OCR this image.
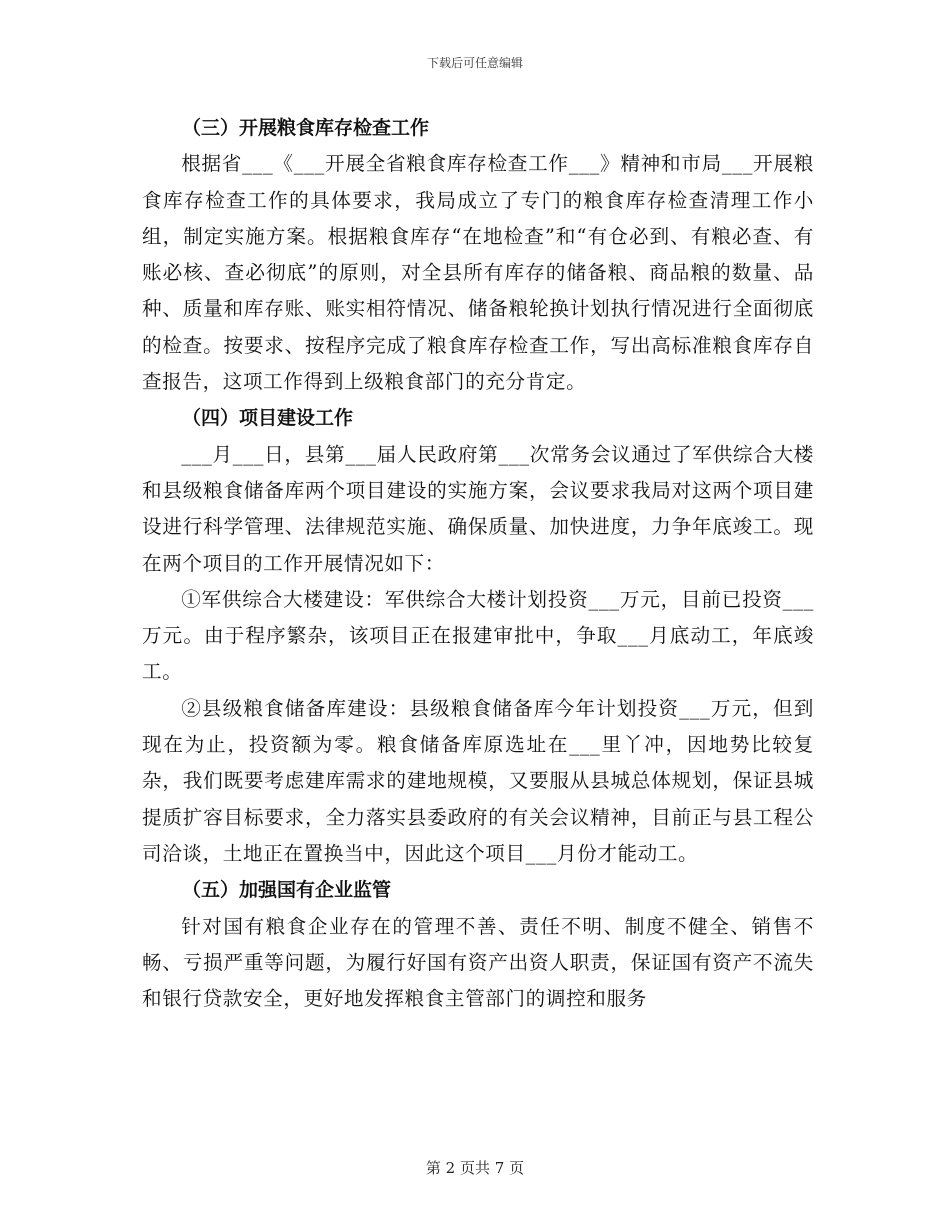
下载后可任意编辑
（三）开展粮食库存检查工作

根据省___《___开展全省粮食库存检查工作___》精神和市局___开展粮食库存检查工作的具体要求，我局成立了专门的粮食库存检查清理工作小组，制定实施方案。根据粮食库存“在地检查”和“有仓必到、有粮必查、有账必核、查必彻底”的原则，对全县所有库存的储备粮、商品粮的数量、品种、质量和库存账、账实相符情况、储备粮轮换计划执行情况进行全面彻底的检查。按要求、按程序完成了粮食库存检查工作，写出高标准粮食库存自查报告，这项工作得到上级粮食部门的充分肯定。

（四）项目建设工作

___月___日，县第___届人民政府第___次常务会议通过了军供综合大楼和县级粮食储备库两个项目建设的实施方案，会议要求我局对这两个项目建设进行科学管理、法律规范实施、确保质量、加快进度，力争年底竣工。现在两个项目的工作开展情况如下：

①军供综合大楼建设：军供综合大楼计划投资___万元，目前已投资___万元。由于程序繁杂，该项目正在报建审批中，争取___月底动工，年底竣工。

②县级粮食储备库建设：县级粮食储备库今年计划投资___万元，但到现在为止，投资额为零。粮食储备库原选址在___里丫冲，因地势比较复杂，我们既要考虑建库需求的建地规模，又要服从县城总体规划，保证县城提质扩容目标要求，全力落实县委政府的有关会议精神，目前正与县工程公司洽谈，土地正在置换当中，因此这个项目___月份才能动工。

（五）加强国有企业监管

针对国有粮食企业存在的管理不善、责任不明、制度不健全、销售不畅、亏损严重等问题，为履行好国有资产出资人职责，保证国有资产不流失和银行贷款安全，更好地发挥粮食主管部门的调控和服务

第 2 页共 7 页
